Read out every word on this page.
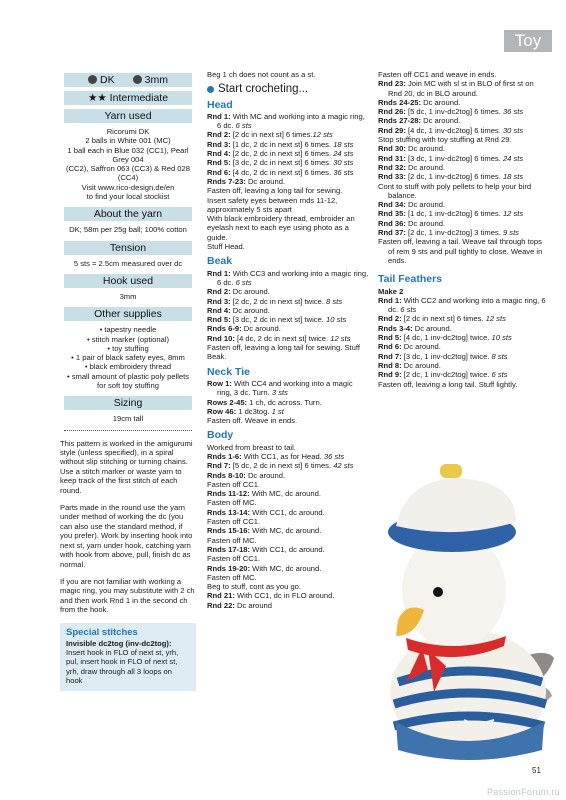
Toy
DK	3mm
★★ Intermediate
Yarn used
Ricorumi DK
2 balls in White 001 (MC)
1 ball each in Blue 032 (CC1), Pearl Grey 004
(CC2), Saffron 063 (CC3) & Red 028 (CC4)
Visit www.rico-design.de/en
to find your local stockist
About the yarn
DK; 58m per 25g ball; 100% cotton
Tension
5 sts = 2.5cm measured over dc
Hook used
3mm
Other supplies
• tapestry needle
• stitch marker (optional)
• toy stuffing
• 1 pair of black safety eyes, 8mm
• black embroidery thread
• small amount of plastic poly pellets
for soft toy stuffing
Sizing
19cm tall

This pattern is worked in the amigurumi style (unless specified), in a spiral without slip stitching or turning chains. Use a stitch marker or waste yarn to keep track of the first stitch of each round.

Parts made in the round use the yarn under method of working the dc (you can also use the standard method, if you prefer). Work by inserting hook into next st, yarn under hook, catching yarn with hook from above, pull, finish dc as normal.

If you are not familiar with working a magic ring, you may substitute with 2 ch and then work Rnd 1 in the second ch from the hook.

Special stitches
Invisible dc2tog (inv-dc2tog):
Insert hook in FLO of next st, yrh, pul, insert hook in FLO of next st, yrh, draw through all 3 loops on hook
Beg 1 ch does not count as a st.
Start crocheting...
Head
Rnd 1: With MC and working into a magic ring, 6 dc. 6 sts
Rnd 2: [2 dc in next st] 6 times.12 sts
Rnd 3: [1 dc, 2 dc in next st] 6 times. 18 sts
Rnd 4: [2 dc, 2 dc in next st] 6 times. 24 sts
Rnd 5: [3 dc, 2 dc in next st] 6 times. 30 sts
Rnd 6: [4 dc, 2 dc in next st] 6 times. 36 sts
Rnds 7-23: Dc around.
Fasten off, leaving a long tail for sewing.
Insert safety eyes between rnds 11-12, approximately 5 sts apart
With black embroidery thread, embroider an eyelash next to each eye using photo as a guide.
Stuff Head.
Beak
Rnd 1: With CC3 and working into a magic ring, 6 dc. 6 sts
Rnd 2: Dc around.
Rnd 3: [2 dc, 2 dc in next st] twice. 8 sts
Rnd 4: Dc around.
Rnd 5: [3 dc, 2 dc in next st] twice. 10 sts
Rnds 6-9: Dc around.
Rnd 10: [4 dc, 2 dc in next st] twice. 12 sts
Fasten off, leaving a long tail for sewing. Stuff Beak.
Neck Tie
Row 1: With CC4 and working into a magic ring, 3 dc. Turn. 3 sts
Rows 2-45: 1 ch, dc across. Turn.
Row 46: 1 dc3tog. 1 st
Fasten off. Weave in ends.
Body
Worked from breast to tail.
Rnds 1-6: With CC1, as for Head. 36 sts
Rnd 7: [5 dc, 2 dc in next st] 6 times. 42 sts
Rnds 8-10: Dc around.
Fasten off CC1.
Rnds 11-12: With MC, dc around.
Fasten off MC.
Rnds 13-14: With CC1, dc around.
Fasten off CC1.
Rnds 15-16: With MC, dc around.
Fasten off MC.
Rnds 17-18: With CC1, dc around.
Fasten off CC1.
Rnds 19-20: With MC, dc around.
Fasten off MC.
Beg to stuff, cont as you go.
Rnd 21: With CC1, dc in FLO around.
Rnd 22: Dc around
Fasten off CC1 and weave in ends.
Rnd 23: Join MC with sl st in BLO of first st on Rnd 20, dc in BLO around.
Rnds 24-25: Dc around.
Rnd 26: [5 dc, 1 inv-dc2tog] 6 times. 36 sts
Rnds 27-28: Dc around.
Rnd 29: [4 dc, 1 inv-dc2tog] 6 times. 30 sts
Stop stuffing with toy stuffing at Rnd 29.
Rnd 30: Dc around.
Rnd 31: [3 dc, 1 inv-dc2tog] 6 times. 24 sts
Rnd 32: Dc around.
Rnd 33: [2 dc, 1 inv-dc2tog] 6 times. 18 sts
Cont to stuff with poly pellets to help your bird balance.
Rnd 34: Dc around.
Rnd 35: [1 dc, 1 inv-dc2tog] 6 times. 12 sts
Rnd 36: Dc around.
Rnd 37: [2 dc, 1 inv-dc2tog] 3 times. 9 sts
Fasten off, leaving a tail. Weave tail through tops of rem 9 sts and pull tightly to close. Weave in ends.
Tail Feathers
Make 2
Rnd 1: With CC2 and working into a magic ring, 6 dc. 6 sts
Rnd 2: [2 dc in next st] 6 times. 12 sts
Rnds 3-4: Dc around.
Rnd 5: [4 dc, 1 inv-dc2tog] twice. 10 sts
Rnd 6: Dc around.
Rnd 7: [3 dc, 1 inv-dc2tog] twice. 8 sts
Rnd 8: Dc around.
Rnd 9: [2 dc, 1 inv-dc2tog] twice. 6 sts
Fasten off, leaving a long tail. Stuff lightly.
ОТД
51
PassionForum.ru
